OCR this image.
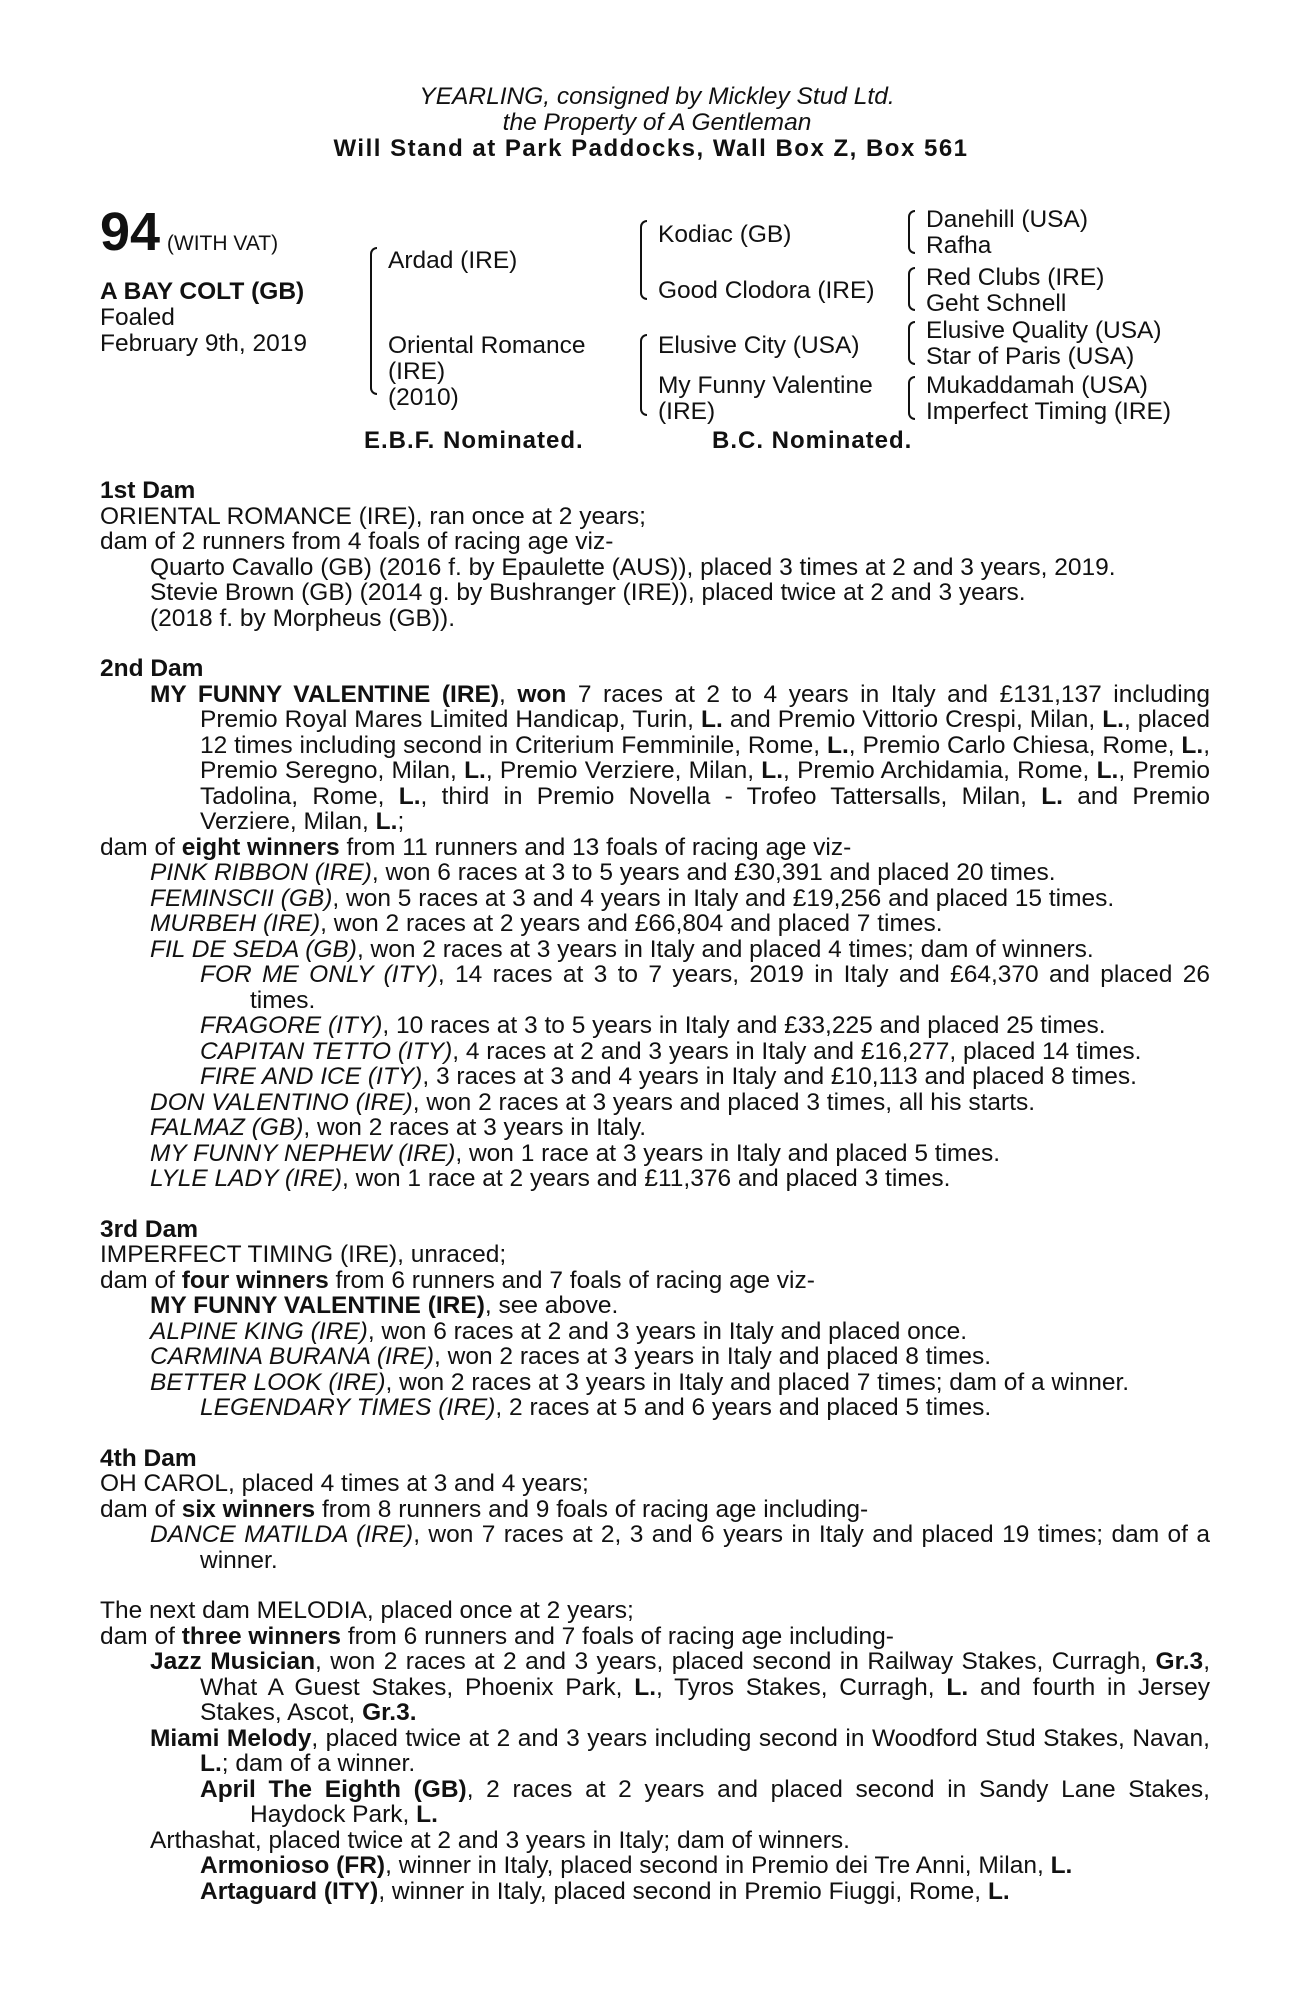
YEARLING, consigned by Mickley Stud Ltd.
the Property of A Gentleman
Will Stand at Park Paddocks, Wall Box Z, Box 561
94 (WITH VAT)
A BAY COLT (GB)
Foaled
February 9th, 2019
Ardad (IRE)
Oriental Romance
(IRE)
(2010)
Kodiac (GB)
Good Clodora (IRE)
Elusive City (USA)
My Funny Valentine
(IRE)
Danehill (USA)
Rafha
Red Clubs (IRE)
Geht Schnell
Elusive Quality (USA)
Star of Paris (USA)
Mukaddamah (USA)
Imperfect Timing (IRE)
E.B.F. Nominated.	B.C. Nominated.
1st Dam

ORIENTAL ROMANCE (IRE), ran once at 2 years;

dam of 2 runners from 4 foals of racing age viz-

Quarto Cavallo (GB) (2016 f. by Epaulette (AUS)), placed 3 times at 2 and 3 years, 2019.

Stevie Brown (GB) (2014 g. by Bushranger (IRE)), placed twice at 2 and 3 years.

(2018 f. by Morpheus (GB)).

2nd Dam

MY FUNNY VALENTINE (IRE), won 7 races at 2 to 4 years in Italy and £131,137 including Premio Royal Mares Limited Handicap, Turin, L. and Premio Vittorio Crespi, Milan, L., placed 12 times including second in Criterium Femminile, Rome, L., Premio Carlo Chiesa, Rome, L., Premio Seregno, Milan, L., Premio Verziere, Milan, L., Premio Archidamia, Rome, L., Premio Tadolina, Rome, L., third in Premio Novella - Trofeo Tattersalls, Milan, L. and Premio Verziere, Milan, L.;

dam of eight winners from 11 runners and 13 foals of racing age viz-

PINK RIBBON (IRE), won 6 races at 3 to 5 years and £30,391 and placed 20 times.

FEMINSCII (GB), won 5 races at 3 and 4 years in Italy and £19,256 and placed 15 times.

MURBEH (IRE), won 2 races at 2 years and £66,804 and placed 7 times.

FIL DE SEDA (GB), won 2 races at 3 years in Italy and placed 4 times; dam of winners.

FOR ME ONLY (ITY), 14 races at 3 to 7 years, 2019 in Italy and £64,370 and placed 26 times.

FRAGORE (ITY), 10 races at 3 to 5 years in Italy and £33,225 and placed 25 times.

CAPITAN TETTO (ITY), 4 races at 2 and 3 years in Italy and £16,277, placed 14 times.

FIRE AND ICE (ITY), 3 races at 3 and 4 years in Italy and £10,113 and placed 8 times.

DON VALENTINO (IRE), won 2 races at 3 years and placed 3 times, all his starts.

FALMAZ (GB), won 2 races at 3 years in Italy.

MY FUNNY NEPHEW (IRE), won 1 race at 3 years in Italy and placed 5 times.

LYLE LADY (IRE), won 1 race at 2 years and £11,376 and placed 3 times.

3rd Dam

IMPERFECT TIMING (IRE), unraced;

dam of four winners from 6 runners and 7 foals of racing age viz-

MY FUNNY VALENTINE (IRE), see above.

ALPINE KING (IRE), won 6 races at 2 and 3 years in Italy and placed once.

CARMINA BURANA (IRE), won 2 races at 3 years in Italy and placed 8 times.

BETTER LOOK (IRE), won 2 races at 3 years in Italy and placed 7 times; dam of a winner.

LEGENDARY TIMES (IRE), 2 races at 5 and 6 years and placed 5 times.

4th Dam

OH CAROL, placed 4 times at 3 and 4 years;

dam of six winners from 8 runners and 9 foals of racing age including-

DANCE MATILDA (IRE), won 7 races at 2, 3 and 6 years in Italy and placed 19 times; dam of a winner.

The next dam MELODIA, placed once at 2 years;

dam of three winners from 6 runners and 7 foals of racing age including-

Jazz Musician, won 2 races at 2 and 3 years, placed second in Railway Stakes, Curragh, Gr.3, What A Guest Stakes, Phoenix Park, L., Tyros Stakes, Curragh, L. and fourth in Jersey Stakes, Ascot, Gr.3.

Miami Melody, placed twice at 2 and 3 years including second in Woodford Stud Stakes, Navan, L.; dam of a winner.

April The Eighth (GB), 2 races at 2 years and placed second in Sandy Lane Stakes, Haydock Park, L.

Arthashat, placed twice at 2 and 3 years in Italy; dam of winners.

Armonioso (FR), winner in Italy, placed second in Premio dei Tre Anni, Milan, L.

Artaguard (ITY), winner in Italy, placed second in Premio Fiuggi, Rome, L.
